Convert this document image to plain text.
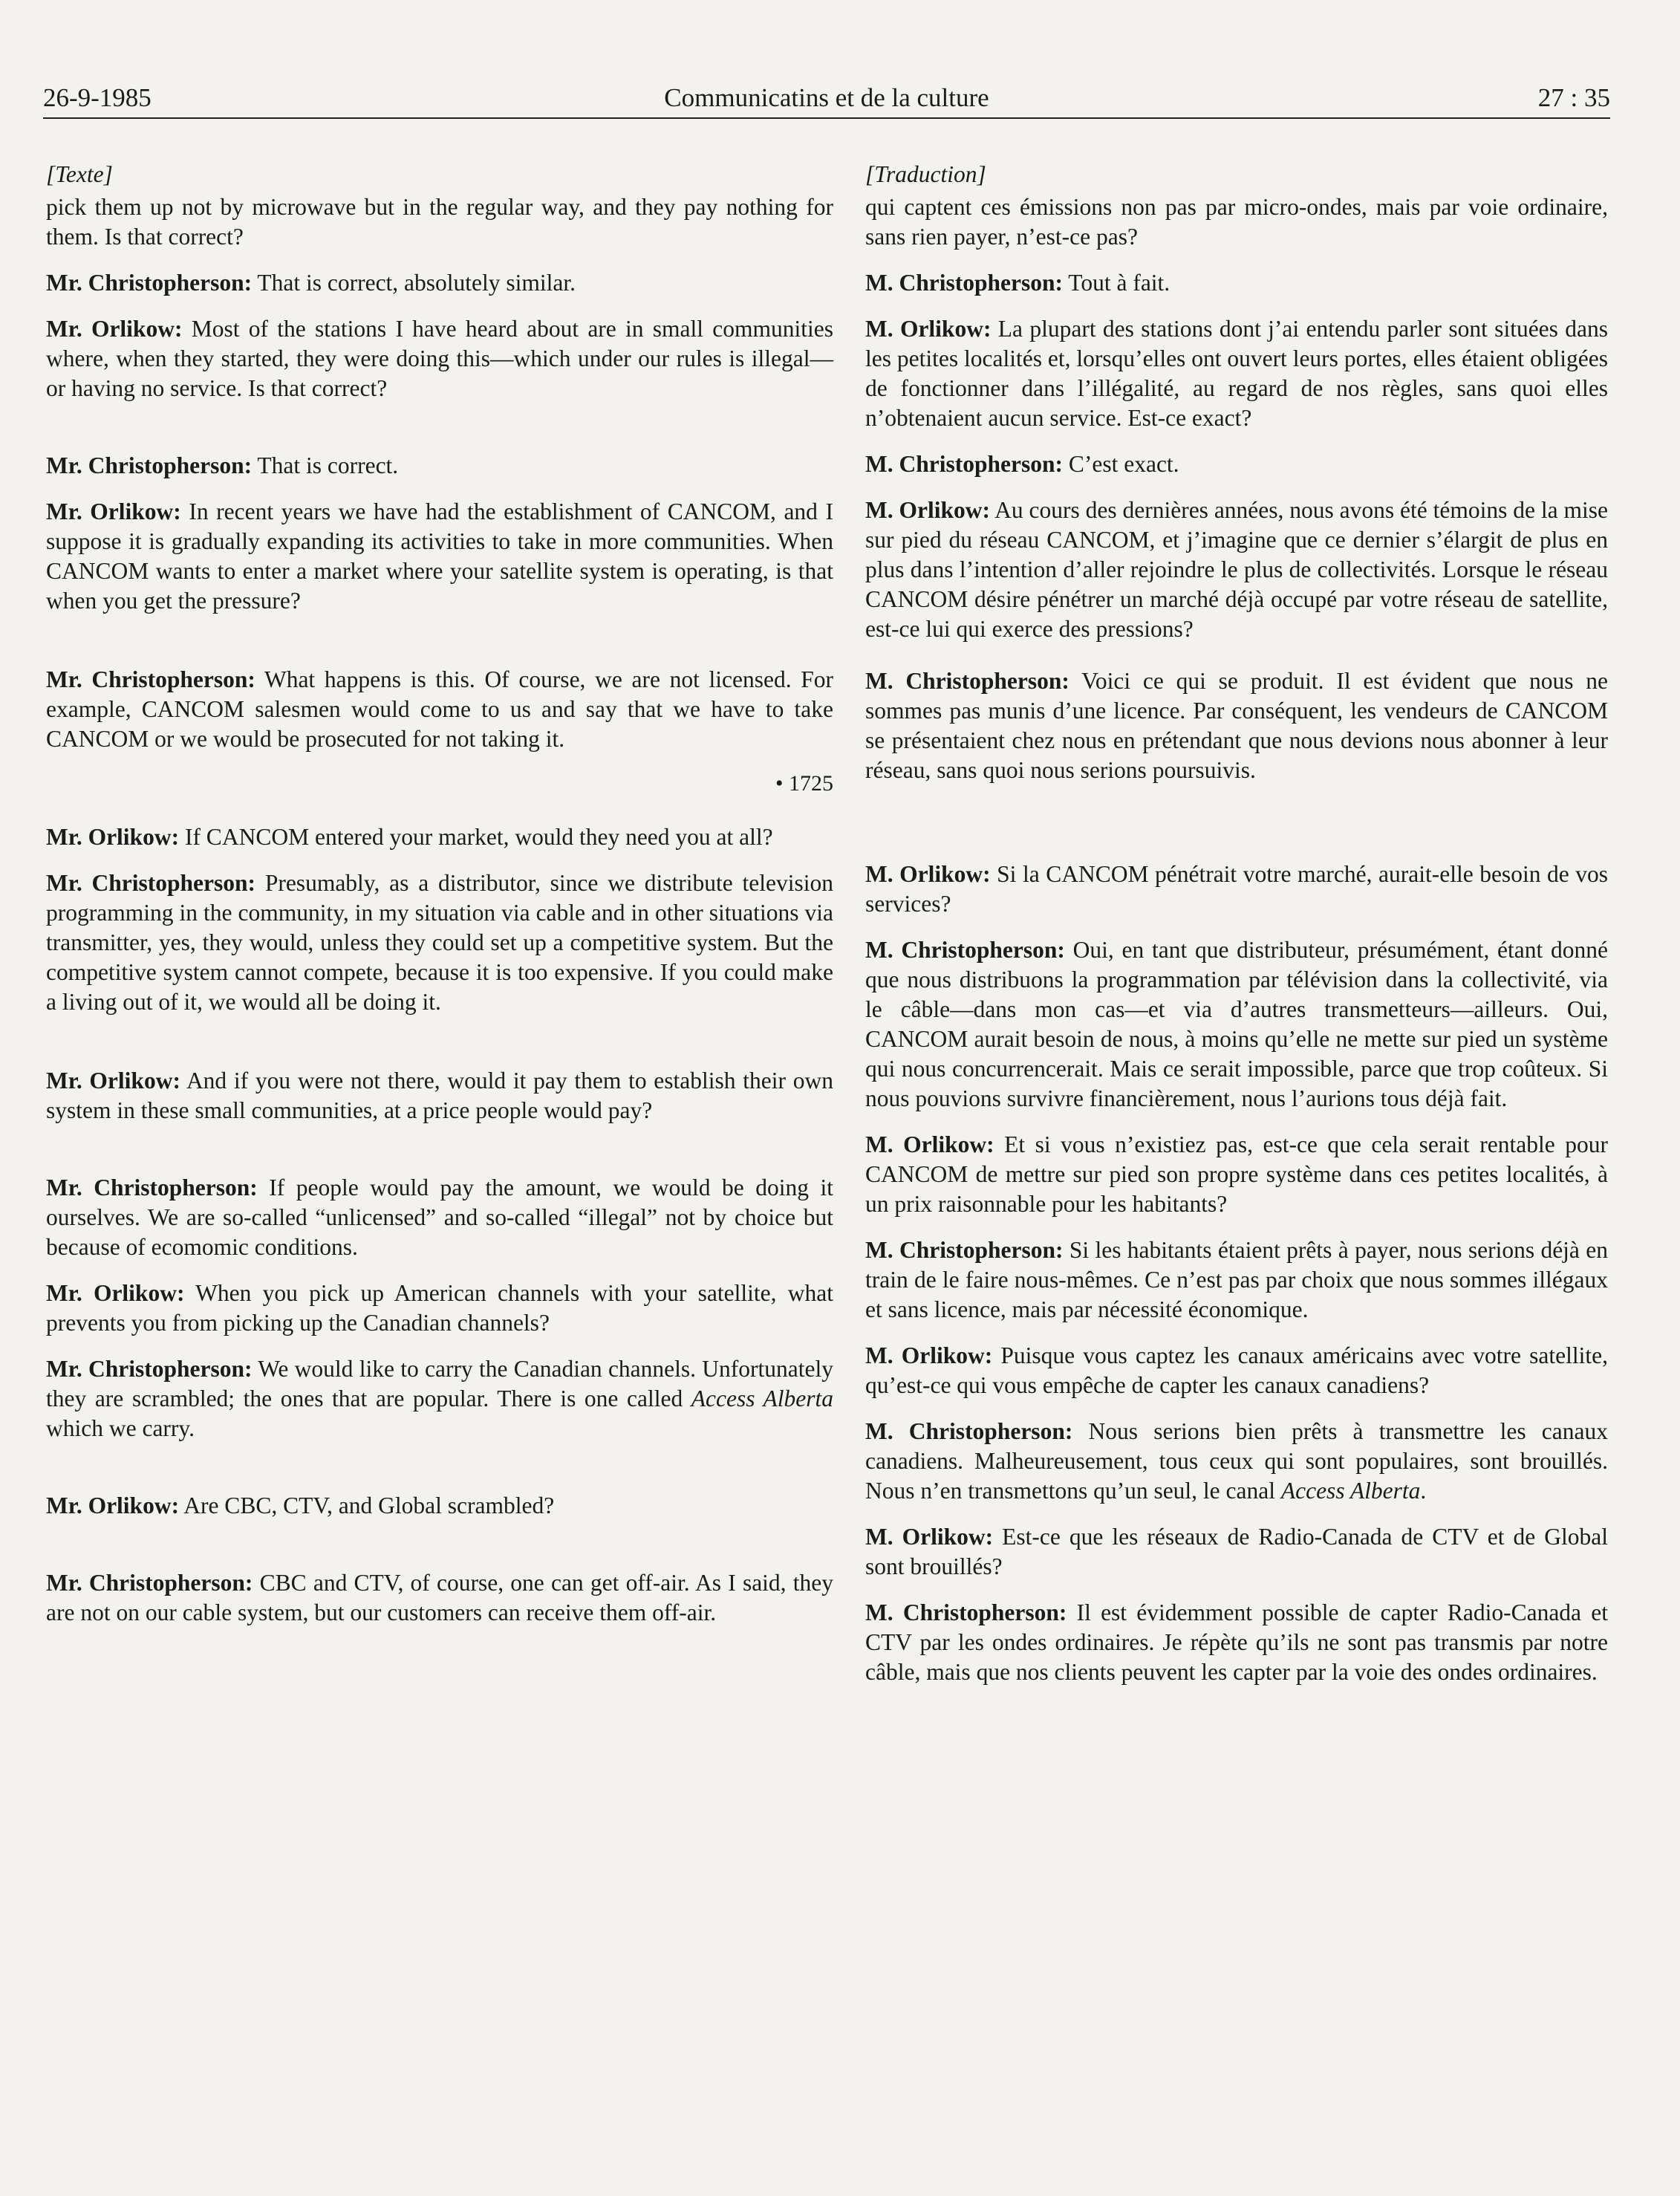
26-9-1985	Communicatins et de la culture	27 : 35

[Texte]

pick them up not by microwave but in the regular way, and they pay nothing for them. Is that correct?

Mr. Christopherson: That is correct, absolutely similar.

Mr. Orlikow: Most of the stations I have heard about are in small communities where, when they started, they were doing this—which under our rules is illegal—or having no service. Is that correct?

Mr. Christopherson: That is correct.

Mr. Orlikow: In recent years we have had the establishment of CANCOM, and I suppose it is gradually expanding its activities to take in more communities. When CANCOM wants to enter a market where your satellite system is operating, is that when you get the pressure?

Mr. Christopherson: What happens is this. Of course, we are not licensed. For example, CANCOM salesmen would come to us and say that we have to take CANCOM or we would be prosecuted for not taking it.

• 1725

Mr. Orlikow: If CANCOM entered your market, would they need you at all?

Mr. Christopherson: Presumably, as a distributor, since we distribute television programming in the community, in my situation via cable and in other situations via transmitter, yes, they would, unless they could set up a competitive system. But the competitive system cannot compete, because it is too expensive. If you could make a living out of it, we would all be doing it.

Mr. Orlikow: And if you were not there, would it pay them to establish their own system in these small communities, at a price people would pay?

Mr. Christopherson: If people would pay the amount, we would be doing it ourselves. We are so-called “unlicensed” and so-called “illegal” not by choice but because of ecomomic conditions.

Mr. Orlikow: When you pick up American channels with your satellite, what prevents you from picking up the Canadian channels?

Mr. Christopherson: We would like to carry the Canadian channels. Unfortunately they are scrambled; the ones that are popular. There is one called Access Alberta which we carry.

Mr. Orlikow: Are CBC, CTV, and Global scrambled?

Mr. Christopherson: CBC and CTV, of course, one can get off-air. As I said, they are not on our cable system, but our customers can receive them off-air.

[Traduction]

qui captent ces émissions non pas par micro-ondes, mais par voie ordinaire, sans rien payer, n’est-ce pas?

M. Christopherson: Tout à fait.

M. Orlikow: La plupart des stations dont j’ai entendu parler sont situées dans les petites localités et, lorsqu’elles ont ouvert leurs portes, elles étaient obligées de fonctionner dans l’illégalité, au regard de nos règles, sans quoi elles n’obtenaient aucun service. Est-ce exact?

M. Christopherson: C’est exact.

M. Orlikow: Au cours des dernières années, nous avons été témoins de la mise sur pied du réseau CANCOM, et j’imagine que ce dernier s’élargit de plus en plus dans l’intention d’aller rejoindre le plus de collectivités. Lorsque le réseau CANCOM désire pénétrer un marché déjà occupé par votre réseau de satellite, est-ce lui qui exerce des pressions?

M. Christopherson: Voici ce qui se produit. Il est évident que nous ne sommes pas munis d’une licence. Par conséquent, les vendeurs de CANCOM se présentaient chez nous en prétendant que nous devions nous abonner à leur réseau, sans quoi nous serions poursuivis.

M. Orlikow: Si la CANCOM pénétrait votre marché, aurait-elle besoin de vos services?

M. Christopherson: Oui, en tant que distributeur, présumément, étant donné que nous distribuons la programmation par télévision dans la collectivité, via le câble—dans mon cas—et via d’autres transmetteurs—ailleurs. Oui, CANCOM aurait besoin de nous, à moins qu’elle ne mette sur pied un système qui nous concurrencerait. Mais ce serait impossible, parce que trop coûteux. Si nous pouvions survivre financièrement, nous l’aurions tous déjà fait.

M. Orlikow: Et si vous n’existiez pas, est-ce que cela serait rentable pour CANCOM de mettre sur pied son propre système dans ces petites localités, à un prix raisonnable pour les habitants?

M. Christopherson: Si les habitants étaient prêts à payer, nous serions déjà en train de le faire nous-mêmes. Ce n’est pas par choix que nous sommes illégaux et sans licence, mais par nécessité économique.

M. Orlikow: Puisque vous captez les canaux américains avec votre satellite, qu’est-ce qui vous empêche de capter les canaux canadiens?

M. Christopherson: Nous serions bien prêts à transmettre les canaux canadiens. Malheureusement, tous ceux qui sont populaires, sont brouillés. Nous n’en transmettons qu’un seul, le canal Access Alberta.

M. Orlikow: Est-ce que les réseaux de Radio-Canada de CTV et de Global sont brouillés?

M. Christopherson: Il est évidemment possible de capter Radio-Canada et CTV par les ondes ordinaires. Je répète qu’ils ne sont pas transmis par notre câble, mais que nos clients peuvent les capter par la voie des ondes ordinaires.
